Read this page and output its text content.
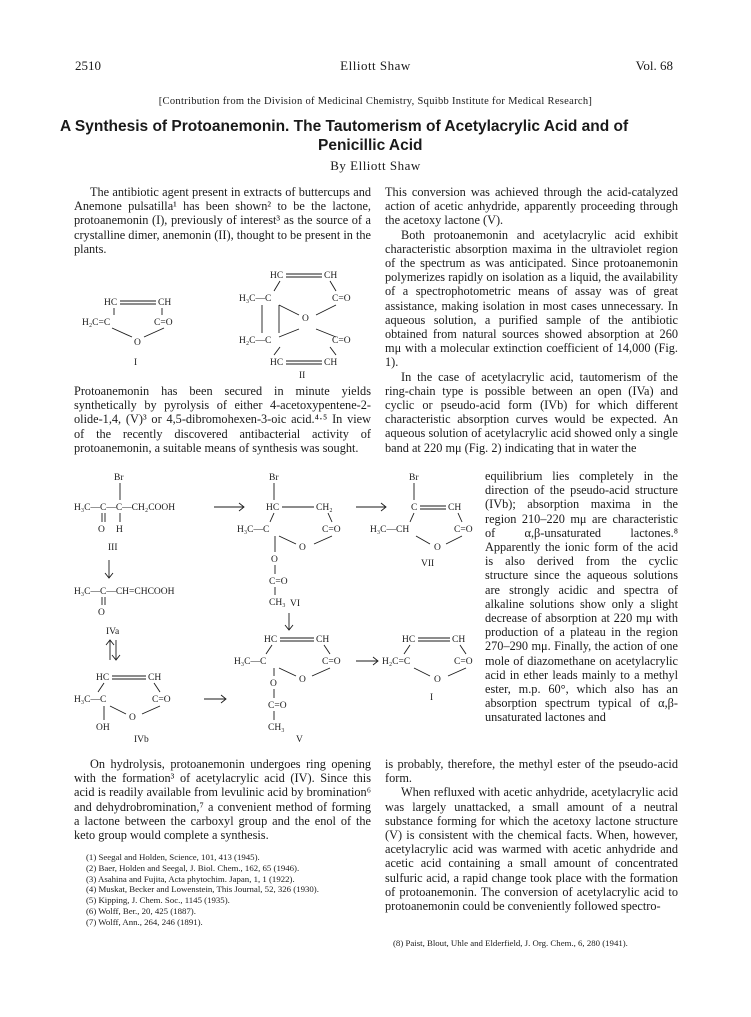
2510	Elliott Shaw	Vol. 68
[Contribution from the Division of Medicinal Chemistry, Squibb Institute for Medical Research]
A Synthesis of Protoanemonin. The Tautomerism of Acetylacrylic Acid and of
Penicillic Acid
By Elliott Shaw

The antibiotic agent present in extracts of buttercups and Anemone pulsatilla¹ has been shown² to be the lactone, protoanemonin (I), previously of interest³ as the source of a crystalline dimer, anemonin (II), thought to be present in the plants.

This conversion was achieved through the acid-catalyzed action of acetic anhydride, apparently proceeding through the acetoxy lactone (V).

Both protoanemonin and acetylacrylic acid exhibit characteristic absorption maxima in the ultraviolet region of the spectrum as was anticipated. Since protoanemonin polymerizes rapidly on isolation as a liquid, the availability of a spectrophotometric means of assay was of great assistance, making isolation in most cases unnecessary. In aqueous solution, a purified sample of the antibiotic obtained from natural sources showed absorption at 260 mμ with a molecular extinction coefficient of 14,000 (Fig. 1).

In the case of acetylacrylic acid, tautomerism of the ring-chain type is possible between an open (IVa) and cyclic or pseudo-acid form (IVb) for which different characteristic absorption curves would be expected. An aqueous solution of acetylacrylic acid showed only a single band at 220 mμ (Fig. 2) indicating that in water the

HC	CH
H₂C=C	C=O
O
I
HC	CH
H₃C—C	C=O
O
H₂C—C	C=O
HC	CH
II

Protoanemonin has been secured in minute yields synthetically by pyrolysis of either 4-acetoxypentene-2-olide-1,4, (V)³ or 4,5-dibromohexen-3-oic acid.⁴·⁵ In view of the recently discovered antibacterial activity of protoanemonin, a suitable means of synthesis was sought.

equilibrium lies completely in the direction of the pseudo-acid structure (IVb); absorption maxima in the region 210–220 mμ are characteristic of α,β-unsaturated lactones.⁸ Apparently the ionic form of the acid is also derived from the cyclic structure since the aqueous solutions are strongly acidic and spectra of alkaline solutions show only a slight decrease of absorption at 220 mμ with production of a plateau in the region 270–290 mμ. Finally, the action of one mole of diazomethane on acetylacrylic acid in ether leads mainly to a methyl ester, m.p. 60°, which also has an absorption spectrum typical of α,β-unsaturated lactones and

Br
H₃C—C—C—CH₂COOH
O H
III
Br
HC	CH₂
H₃C—C	C=O
O
O
C=O
CH₃ VI
Br
C	CH
H₃C—CH	C=O
O
VII
H₃C—C—CH=CHCOOH
O
IVa
HC	CH
H₃C—C	C=O
O
OH
IVb
HC	CH
H₃C—C	C=O
O
O
C=O
CH₃
V
HC	CH
H₂C=C	C=O
O
I

On hydrolysis, protoanemonin undergoes ring opening with the formation³ of acetylacrylic acid (IV). Since this acid is readily available from levulinic acid by bromination⁶ and dehydrobromination,⁷ a convenient method of forming a lactone between the carboxyl group and the enol of the keto group would complete a synthesis.

is probably, therefore, the methyl ester of the pseudo-acid form.

When refluxed with acetic anhydride, acetylacrylic acid was largely unattacked, a small amount of a neutral substance forming for which the acetoxy lactone structure (V) is consistent with the chemical facts. When, however, acetylacrylic acid was warmed with acetic anhydride and acetic acid containing a small amount of concentrated sulfuric acid, a rapid change took place with the formation of protoanemonin. The conversion of acetylacrylic acid to protoanemonin could be conveniently followed spectro-

(1) Seegal and Holden, Science, 101, 413 (1945).
(2) Baer, Holden and Seegal, J. Biol. Chem., 162, 65 (1946).
(3) Asahina and Fujita, Acta phytochim. Japan, 1, 1 (1922).
(4) Muskat, Becker and Lowenstein, This Journal, 52, 326 (1930).
(5) Kipping, J. Chem. Soc., 1145 (1935).
(6) Wolff, Ber., 20, 425 (1887).
(7) Wolff, Ann., 264, 246 (1891).
(8) Paist, Blout, Uhle and Elderfield, J. Org. Chem., 6, 280 (1941).
